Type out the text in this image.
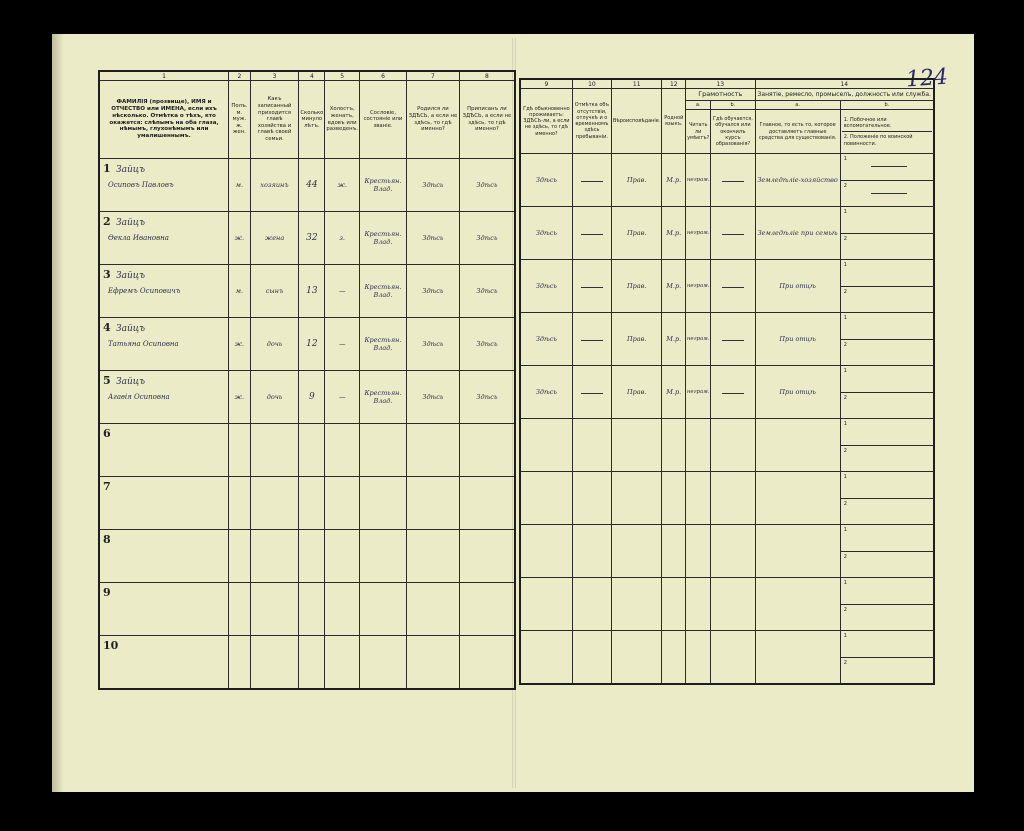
124
1	2	3	4	5	6	7	8
ФАМИЛІЯ (прозвище), ИМЯ и ОТЧЕСТВО или ИМЕНА, если ихъ нѣсколько. Отмѣтка о тѣхъ, кто окажется: слѣпымъ на оба глаза, нѣмымъ, глухонѣмымъ или умалишеннымъ.	Полъ. м. муж. ж. жен.	Какъ записанный приходится главѣ хозяйства и главѣ своей семьи.	Сколько минуло лѣтъ.	Холостъ, женатъ, вдовъ или разведенъ.	Сословіе, состояніе или званіе.	Родился ли ЗДѢСЬ, а если не здѣсь, то гдѣ именно?	Приписанъ ли ЗДѢСЬ, а если не здѣсь, то гдѣ именно?

1 Зайцъ
Осиповъ Павловъ	м.	хозяинъ	44	ж.	Крестьян. Влад.	Здѣсь	Здѣсь

2 Зайцъ
Ѳекла Ивановна	ж.	жена	32	з.	Крестьян. Влад.	Здѣсь	Здѣсь

3 Зайцъ
Ефремъ Осиповичъ	м.	сынъ	13	—	Крестьян. Влад.	Здѣсь	Здѣсь

4 Зайцъ
Татьяна Осиповна	ж.	дочь	12	—	Крестьян. Влад.	Здѣсь	Здѣсь

5 Зайцъ
Агаѳія Осиповна	ж.	дочь	9	—	Крестьян. Влад.	Здѣсь	Здѣсь

6							

7							

8							

9							

10							

9	10	11	12	13		14	
Гдѣ обыкновенно проживаетъ: ЗДѢСЬ-ли, а если не здѣсь, то гдѣ именно?	Отмѣтка объ отсутствіи, отлучкѣ и о временномъ здѣсь пребываніи.	Вѣроисповѣданіе.	Родной языкъ.	Грамотность		Занятіе, ремесло, промыселъ, должность или служба.	
				а.	b.	а.	b.
				Читать ли умѣетъ?	Гдѣ обучается, обучался или окончилъ курсъ образованія?	Главное, то есть то, которое доставляетъ главные средства для существованія.	1. Побочное или вспомогательное.
2. Положеніе по воинской повинности.

Здѣсь		Прав.	М.р.	неграм.		Земледѣліе-хозяйство	1
2

Здѣсь		Прав.	М.р.	неграм.		Земледѣліе при семьѣ	1
2

Здѣсь		Прав.	М.р.	неграм.		При отцѣ	1
2

Здѣсь		Прав.	М.р.	неграм.		При отцѣ	1
2

Здѣсь		Прав.	М.р.	неграм.		При отцѣ	1
2

							1
2

							1
2

							1
2

							1
2

							1
2
